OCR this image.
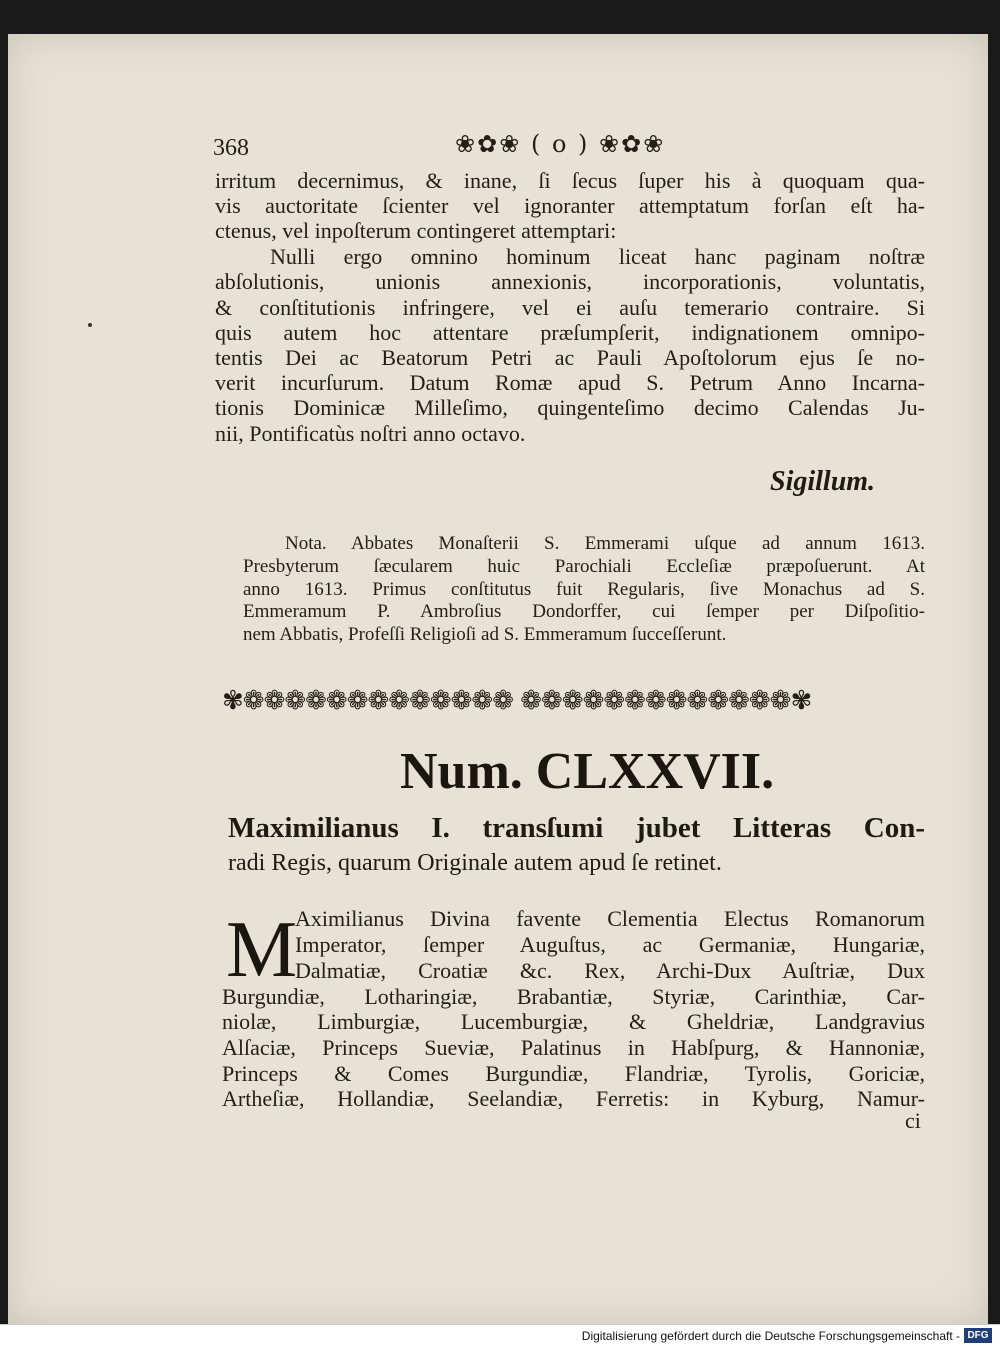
368	❀✿❀ ( o ) ❀✿❀
irritum decernimus, & inane, ſi ſecus ſuper his à quoquam qua-
vis auctoritate ſcienter vel ignoranter attemptatum forſan eſt ha-
ctenus, vel inpoſterum contingeret attemptari:
Nulli ergo omnino hominum liceat hanc paginam noſtræ
abſolutionis, unionis annexionis, incorporationis, voluntatis,
& conſtitutionis infringere, vel ei auſu temerario contraire. Si
quis autem hoc attentare præſumpſerit, indignationem omnipo-
tentis Dei ac Beatorum Petri ac Pauli Apoſtolorum ejus ſe no-
verit incurſurum. Datum Romæ apud S. Petrum Anno Incarna-
tionis Dominicæ Milleſimo, quingenteſimo decimo Calendas Ju-
nii, Pontificatùs noſtri anno octavo.
Sigillum.
Nota. Abbates Monaſterii S. Emmerami uſque ad annum 1613.
Presbyterum ſæcularem huic Parochiali Eccleſiæ præpoſuerunt. At
anno 1613. Primus conſtitutus fuit Regularis, ſive Monachus ad S.
Emmeramum P. Ambroſius Dondorffer, cui ſemper per Diſpoſitio-
nem Abbatis, Profeſſi Religioſi ad S. Emmeramum ſucceſſerunt.
✾❁❁❁❁❁❁❁❁❁❁❁❁❁ ❁❁❁❁❁❁❁❁❁❁❁❁❁✾
Num. CLXXVII.
Maximilianus I. transſumi jubet Litteras Con-
radi Regis, quarum Originale autem apud ſe retinet.
M
Aximilianus Divina favente Clementia Electus Romanorum
Imperator, ſemper Auguſtus, ac Germaniæ, Hungariæ,
Dalmatiæ, Croatiæ &c. Rex, Archi-Dux Auſtriæ, Dux
Burgundiæ, Lotharingiæ, Brabantiæ, Styriæ, Carinthiæ, Car-
niolæ, Limburgiæ, Lucemburgiæ, & Gheldriæ, Landgravius
Alſaciæ, Princeps Sueviæ, Palatinus in Habſpurg, & Hannoniæ,
Princeps & Comes Burgundiæ, Flandriæ, Tyrolis, Goriciæ,
Artheſiæ, Hollandiæ, Seelandiæ, Ferretis: in Kyburg, Namur-
ci
Digitalisierung gefördert durch die Deutsche Forschungsgemeinschaft - DFG
